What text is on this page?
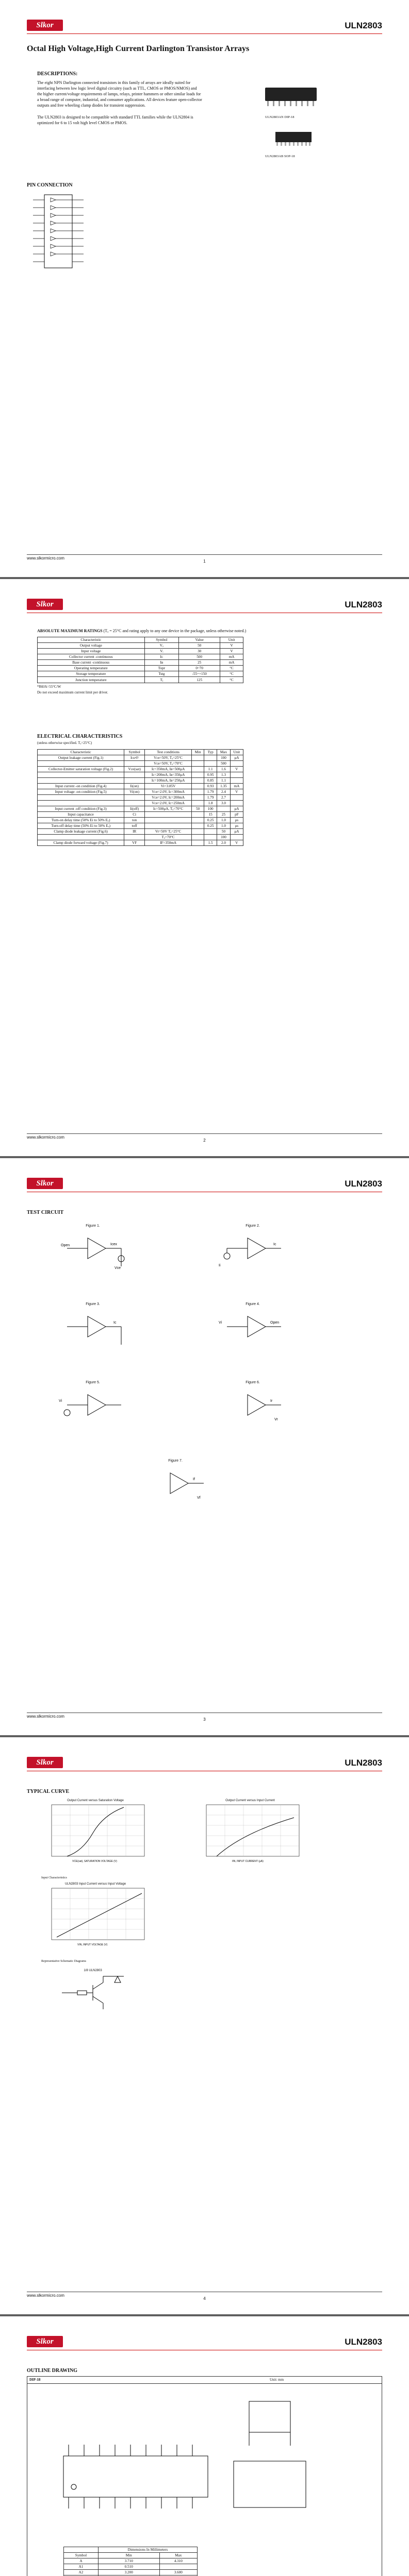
Slkor	ULN2803
Octal High Voltage,High Current Darlington Transistor Arrays
DESCRIPTIONS:

The eight NPN Darlington connected transistors in this family of arrays are ideally suited for interfacing between low logic level digital circuitry (such as TTL, CMOS or PMOS/NMOS) and the higher current/voltage requirements of lamps, relays, printer hammers or other similar loads for a broad range of computer, industrial, and consumer applications. All devices feature open-collector outputs and free wheeling clamp diodes for transient suppression.

The ULN2803 is designed to be compatible with standard TTL families while the ULN2804 is optimized for 6 to 15 volt high level CMOS or PMOS.

ULN2803AN DIP-18
ULN2803AB SOP-18
PIN CONNECTION
www.slkormicro.com
1
Slkor	ULN2803
ABSOLUTE MAXIMUM RATINGS (Tₐ = 25°C and rating apply to any one device in the package, unless otherwise noted.)
Characteristic	Symbol	Value	Unit
Output voltage	Vₒ	50	V
Input voltage	Vᵢ	30	V
Collector current -continuous	Iᴄ	500	mA
Base current -continuous	Iʙ	25	mA
Operating temperature	Topr	0~70	°C
Storage temperature	Tstg	-55~+150	°C
Junction temperature	Tⱼ	125	°C
*RθJA=55°C/W
Do not exceed maximum current limit per driver.
ELECTRICAL CHARACTERISTICS
(unless otherwise specified. Tₐ=25°C)
Characteristic	Symbol	Test conditions	Min	Typ	Max	Unit
Output leakage current (Fig.1)	IᴄᴇҼ	Vce=50V, Tₐ=25°C			100	μA
		Vce=50V, Tₐ=70°C			500	
Collector-Emitter saturation voltage (Fig.2)	Vce(sat)	Ic=350mA, Iʙ=500μA		1.1	1.6	V
		Ic=200mA, Iʙ=350μA		0.95	1.3	
		Ic=100mA, Iʙ=250μA		0.85	1.1	
Input current -on condition (Fig.4)	Ii(on)	Vi=3.85V		0.93	1.35	mA
Input voltage -on condition (Fig.5)	Vi(on)	Vce=2.0V, Ic=300mA		1.79	2.4	V
		Vce=2.0V, Ic=200mA		1.79	2.7	
		Vce=2.0V, Ic=250mA		1.8	3.0	
Input current -off condition (Fig.3)	Ii(off)	Ic=500μA, Tₐ=70°C	50	100		μA
Input capacitance	Ci			15	25	pF
Turn-on delay time (50% Ei to 50% Eₒ)	ton			0.25	1.0	μs
Turn-off delay time (50% Ei to 50% Eₒ)	toff			0.25	1.0	μs
Clamp diode leakage current (Fig.6)	IR	Vr=50V Tₐ=25°C			50	μA
		Tₐ=70°C			100	
Clamp diode forward voltage (Fig.7)	VF	IF=350mA		1.5	2.0	V
www.slkormicro.com
2
Slkor	ULN2803
TEST CIRCUIT
Figure 1.
Open	Icex
Vce
Figure 2.
Ii
Ic
Figure 3.
Ic
Figure 4.
Vi	Open
Figure 5.
Vi
Figure 6.
Ir
Vr
Figure 7.
If
Vf
www.slkormicro.com
3
Slkor	ULN2803
TYPICAL CURVE
Output Current versus Saturation Voltage
VCE(sat), SATURATION VOLTAGE (V)
Output Current versus Input Current
IIN, INPUT CURRENT (μA)
Input Characteristics
ULN2803 Input Current versus Input Voltage
VIN, INPUT VOLTAGE (V)
Representative Schematic Diagrams
1/8 ULN2803
www.slkormicro.com
4
Slkor	ULN2803
OUTLINE DRAWING
DIP-18	Unit: mm
	Dimensions In Millimeters	
Symbol	Min	Max
A	3.710	4.310
A1	0.510	
A2	3.200	3.600
